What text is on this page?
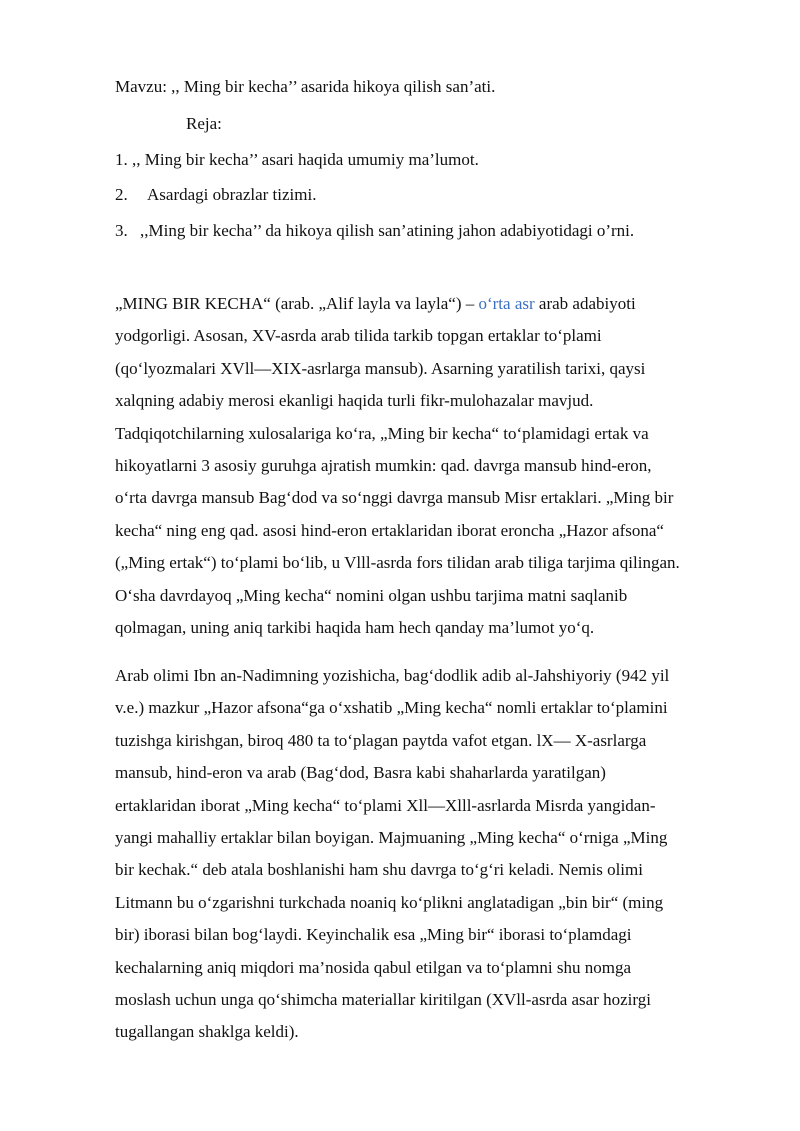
Mavzu: ,, Ming bir kecha’’ asarida hikoya qilish san’ati.
Reja:
1. ,, Ming bir kecha’’ asari haqida umumiy ma’lumot.
2. Asardagi obrazlar tizimi.
3. ,,Ming bir kecha’’ da hikoya qilish san’atining jahon adabiyotidagi o’rni.
„MING BIR KECHA“ (arab. „Alif layla va layla“) – o‘rta asr arab adabiyoti
yodgorligi. Asosan, XV-asrda arab tilida tarkib topgan ertaklar to‘plami
(qo‘lyozmalari XVll—XIX-asrlarga mansub). Asarning yaratilish tarixi, qaysi
xalqning adabiy merosi ekanligi haqida turli fikr-mulohazalar mavjud.
Tadqiqotchilarning xulosalariga ko‘ra, „Ming bir kecha“ to‘plamidagi ertak va
hikoyatlarni 3 asosiy guruhga ajratish mumkin: qad. davrga mansub hind-eron,
o‘rta davrga mansub Bag‘dod va so‘nggi davrga mansub Misr ertaklari. „Ming bir
kecha“ ning eng qad. asosi hind-eron ertaklaridan iborat eroncha „Hazor afsona“
(„Ming ertak“) to‘plami bo‘lib, u Vlll-asrda fors tilidan arab tiliga tarjima qilingan.
O‘sha davrdayoq „Ming kecha“ nomini olgan ushbu tarjima matni saqlanib
qolmagan, uning aniq tarkibi haqida ham hech qanday ma’lumot yo‘q.
Arab olimi Ibn an-Nadimning yozishicha, bag‘dodlik adib al-Jahshiyoriy (942 yil
v.e.) mazkur „Hazor afsona“ga o‘xshatib „Ming kecha“ nomli ertaklar to‘plamini
tuzishga kirishgan, biroq 480 ta to‘plagan paytda vafot etgan. lX— X-asrlarga
mansub, hind-eron va arab (Bag‘dod, Basra kabi shaharlarda yaratilgan)
ertaklaridan iborat „Ming kecha“ to‘plami Xll—Xlll-asrlarda Misrda yangidan-
yangi mahalliy ertaklar bilan boyigan. Majmuaning „Ming kecha“ o‘rniga „Ming
bir kechak.“ deb atala boshlanishi ham shu davrga to‘g‘ri keladi. Nemis olimi
Litmann bu o‘zgarishni turkchada noaniq ko‘plikni anglatadigan „bin bir“ (ming
bir) iborasi bilan bog‘laydi. Keyinchalik esa „Ming bir“ iborasi to‘plamdagi
kechalarning aniq miqdori ma’nosida qabul etilgan va to‘plamni shu nomga
moslash uchun unga qo‘shimcha materiallar kiritilgan (XVll-asrda asar hozirgi
tugallangan shaklga keldi).
